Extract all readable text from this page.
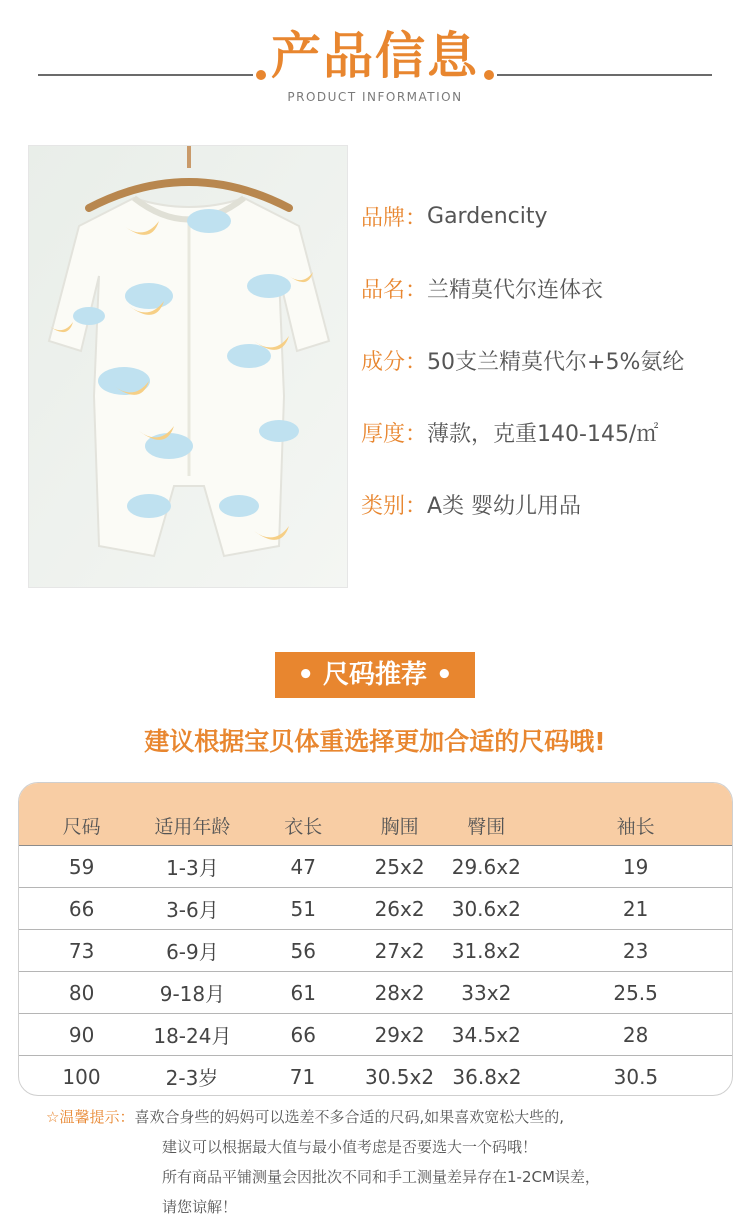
产品信息
PRODUCT INFORMATION
品牌： Gardencity
品名： 兰精莫代尔连体衣
成分： 50支兰精莫代尔+5%氨纶
厚度： 薄款，克重140-145/㎡
类别： A类 婴幼儿用品
• 尺码推荐 •
建议根据宝贝体重选择更加合适的尺码哦!
尺码	适用年龄	衣长	胸围	臀围	袖长
59	1-3月	47	25x2	29.6x2	19
66	3-6月	51	26x2	30.6x2	21
73	6-9月	56	27x2	31.8x2	23
80	9-18月	61	28x2	33x2	25.5
90	18-24月	66	29x2	34.5x2	28
100	2-3岁	71	30.5x2 36.8x2	30.5
☆温馨提示：喜欢合身些的妈妈可以选差不多合适的尺码,如果喜欢宽松大些的,
建议可以根据最大值与最小值考虑是否要选大一个码哦！
所有商品平铺测量会因批次不同和手工测量差异存在1-2CM误差，
请您谅解！
